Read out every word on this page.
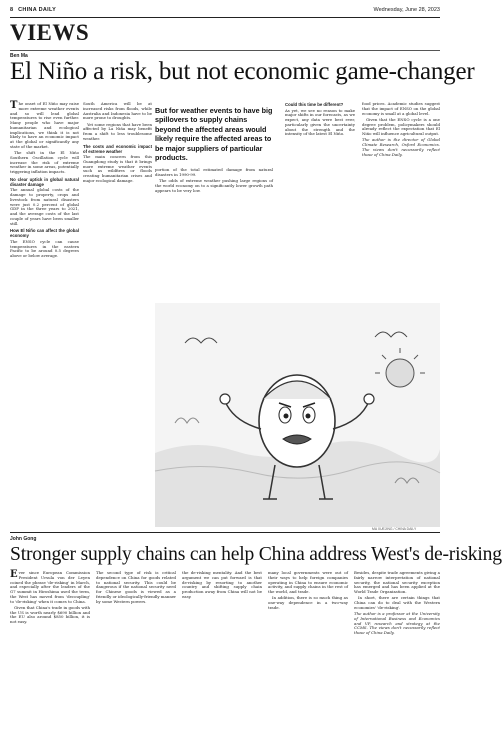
8 CHINA DAILY	Wednesday, June 28, 2023
VIEWS
Ben Ma
El Niño a risk, but not economic game-changer

The onset of El Niño may raise more extreme weather events and so will lead global temperatures to rise even further. Many people who have major humanitarian and ecological implications, we think it is not likely to have an economic impact at the global or significantly any state of the market.

The shift in the El Niño Southern Oscillation cycle will increase the risk of extreme weather in some areas, potentially triggering inflation impacts.

No clear uptick in global natural disaster damage

The annual global costs of the damage to property, crops and livestock from natural disasters were just 0.2 percent of global GDP in the three years to 2021, and the average costs of the last couple of years have been smaller still.

How El Niño can affect the global economy

The ENSO cycle can cause temperatures in the eastern Pacific to be around 0.5 degrees above or below average.

South America will be at increased risks from floods, while Australia and Indonesia have to be more prone to droughts.

Yet some regions that have been affected by La Niña may benefit from a shift to less troublesome weather.

The costs and economic impact of extreme weather

The main concern from this Guangdong study is that it brings more extreme weather events such as wildfires or floods creating humanitarian crises and major ecological damage.

But for weather events to have big spillovers to supply chains beyond the affected areas would likely require the affected areas to be major suppliers of particular products.

portion of the total estimated damage from natural disasters in 1990-99.

The odds of extreme weather pushing large regions of the world economy on to a significantly lower growth path appears to be very low.

Could this time be different?

As yet, we see no reason to make major shifts in our forecasts, as we expect, any data were best ever, particularly given the uncertainty about the strength and the intensity of the latest El Niño.

food prices. Academic studies suggest that the impact of ENSO on the global economy is small at a global level.

Given that the ENSO cycle is a one degree problem, policymakers should already reflect the expectation that El Niño will influence agricultural output.

The author is the director of Global Climate Research, Oxford Economics. The views don't necessarily reflect those of China Daily.

MA XUEJING / CHINA DAILY
John Gong
Stronger supply chains can help China address West's de-risking

Ever since European Commission President Ursula von der Leyen coined the phrase 'de-risking' in March, and especially after the leaders of the G7 summit in Hiroshima used the term, the West has moved from 'decoupling' to 'de-risking' when it comes to China.

Given that China's trade in goods with the US is worth nearly $690 billion and the EU also around $850 billion, it is not easy.

The second type of risk is critical dependence on China for goods related to national security. This could be dangerous if the national security need for Chinese goods is viewed as a friendly or ideologically-friendly manner by some Western powers.

the de-risking mentality. And the best argument we can put forward is that de-risking by resorting to another country and shifting supply chain production away from China will not be easy.

many local governments were out of their ways to help foreign companies operating in China to ensure economic activity, and supply chains in the rest of the world, and trade.

In addition, there is so much thing as one-way dependence in a two-way trade.

Besides, despite trade agreements giving a fairly narrow interpretation of national security, the national security exception has emerged and has been applied at the World Trade Organization.

In short, there are certain things that China can do to deal with the Western economies' 'de-risking'.

The author is a professor at the University of International Business and Economics and VP, research and strategy at the CCMS. The views don't necessarily reflect those of China Daily.
